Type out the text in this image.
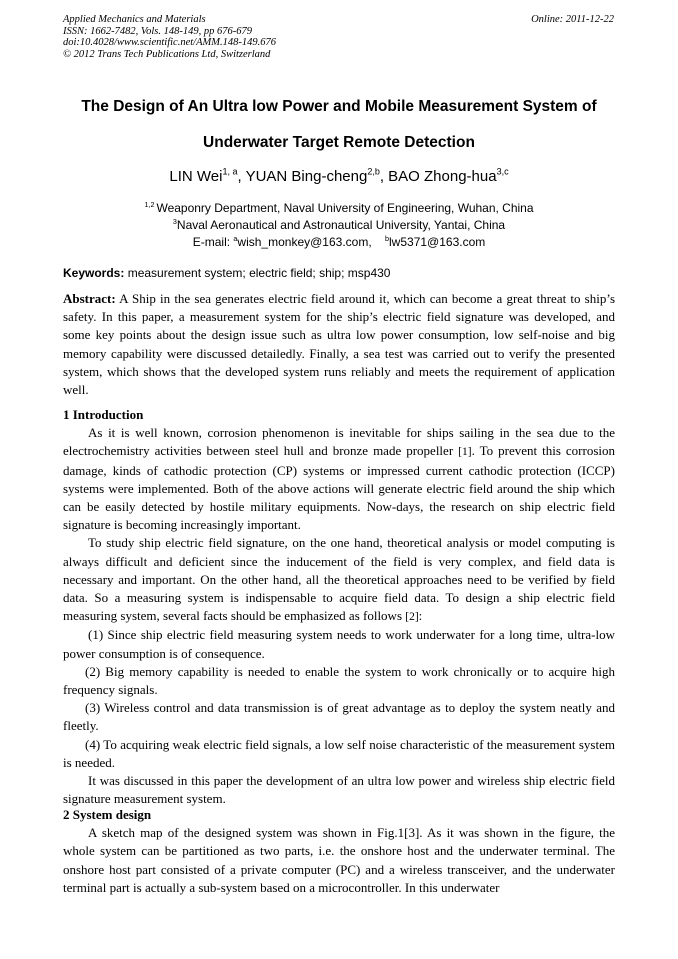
Applied Mechanics and Materials
ISSN: 1662-7482, Vols. 148-149, pp 676-679
doi:10.4028/www.scientific.net/AMM.148-149.676
© 2012 Trans Tech Publications Ltd, Switzerland
Online: 2011-12-22
The Design of An Ultra low Power and Mobile Measurement System of
Underwater Target Remote Detection
LIN Wei$^{1, a}$, YUAN Bing-cheng$^{2,b}$, BAO Zhong-hua$^{3,c}$
$^{1,2}$ Weaponry Department, Naval University of Engineering, Wuhan, China
$^3$Naval Aeronautical and Astronautical University, Yantai, China
E-mail: $^a$wish_monkey@163.com, $^b$lw5371@163.com
Keywords: measurement system; electric field; ship; msp430

Abstract: A Ship in the sea generates electric field around it, which can become a great threat to ship’s safety. In this paper, a measurement system for the ship’s electric field signature was developed, and some key points about the design issue such as ultra low power consumption, low self-noise and big memory capability were discussed detailedly. Finally, a sea test was carried out to verify the presented system, which shows that the developed system runs reliably and meets the requirement of application well.

1 Introduction

As it is well known, corrosion phenomenon is inevitable for ships sailing in the sea due to the electrochemistry activities between steel hull and bronze made propeller [1]. To prevent this corrosion damage, kinds of cathodic protection (CP) systems or impressed current cathodic protection (ICCP) systems were implemented. Both of the above actions will generate electric field around the ship which can be easily detected by hostile military equipments. Now-days, the research on ship electric field signature is becoming increasingly important.

To study ship electric field signature, on the one hand, theoretical analysis or model computing is always difficult and deficient since the inducement of the field is very complex, and field data is necessary and important. On the other hand, all the theoretical approaches need to be verified by field data. So a measuring system is indispensable to acquire field data. To design a ship electric field measuring system, several facts should be emphasized as follows [2]:

(1) Since ship electric field measuring system needs to work underwater for a long time, ultra-low power consumption is of consequence.

(2) Big memory capability is needed to enable the system to work chronically or to acquire high frequency signals.

(3) Wireless control and data transmission is of great advantage as to deploy the system neatly and fleetly.

(4) To acquiring weak electric field signals, a low self noise characteristic of the measurement system is needed.

It was discussed in this paper the development of an ultra low power and wireless ship electric field signature measurement system.

2 System design

A sketch map of the designed system was shown in Fig.1[3]. As it was shown in the figure, the whole system can be partitioned as two parts, i.e. the onshore host and the underwater terminal. The onshore host part consisted of a private computer (PC) and a wireless transceiver, and the underwater terminal part is actually a sub-system based on a microcontroller. In this underwater
